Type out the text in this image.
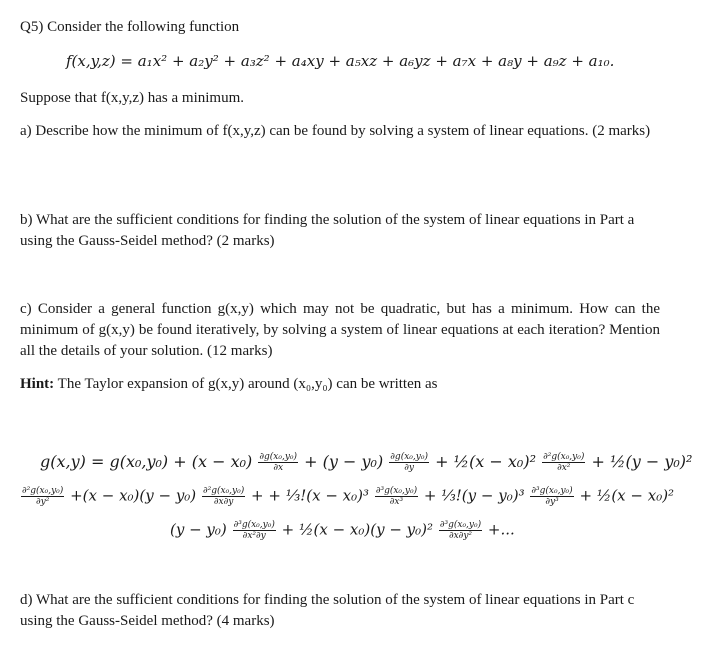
Q5) Consider the following function

f(x,y,z) = a₁x² + a₂y² + a₃z² + a₄xy + a₅xz + a₆yz + a₇x + a₈y + a₉z + a₁₀.

Suppose that f(x,y,z) has a minimum.

a) Describe how the minimum of f(x,y,z) can be found by solving a system of linear equations. (2 marks)

b) What are the sufficient conditions for finding the solution of the system of linear equations in Part a using the Gauss-Seidel method? (2 marks)

c) Consider a general function g(x,y) which may not be quadratic, but has a minimum. How can the minimum of g(x,y) be found iteratively, by solving a system of linear equations at each iteration? Mention all the details of your solution. (12 marks)

Hint: The Taylor expansion of g(x,y) around (x₀,y₀) can be written as

$g(x,y) = g(x_0,y_0) + (x - x_0) \frac{\text{∂g(x₀,y₀)}}{\partial x} + (y - y_0) \frac{\text{∂g(x₀,y₀)}}{\partial y}$ + ½(x − $x_0)^2 \frac{\text{∂²g(x₀,y₀)}}{\text{∂x²}}$ + ½(y − y₀)²
$\frac{\text{∂²g(x₀,y₀)}}{\text{∂y²}} +(x - x_0)(y - y_0) \frac{\text{∂²g(x₀,y₀)}}{\partial x\partial y}$ + + ⅓!(x − $x_0)^3 \frac{\text{∂³g(x₀,y₀)}}{\text{∂x³}}$ + ⅓!(y − $y_0)^3 \frac{\text{∂³g(x₀,y₀)}}{\text{∂y³}}$ + ½(x − x₀)²
$(y - y_0) \frac{\text{∂³g(x₀,y₀)}}{\text{∂x²∂y}}$ + ½(x − $x_0)(y - y_0)^2 \frac{\text{∂³g(x₀,y₀)}}{\text{∂x∂y²}}$ +...

d) What are the sufficient conditions for finding the solution of the system of linear equations in Part c using the Gauss-Seidel method? (4 marks)
